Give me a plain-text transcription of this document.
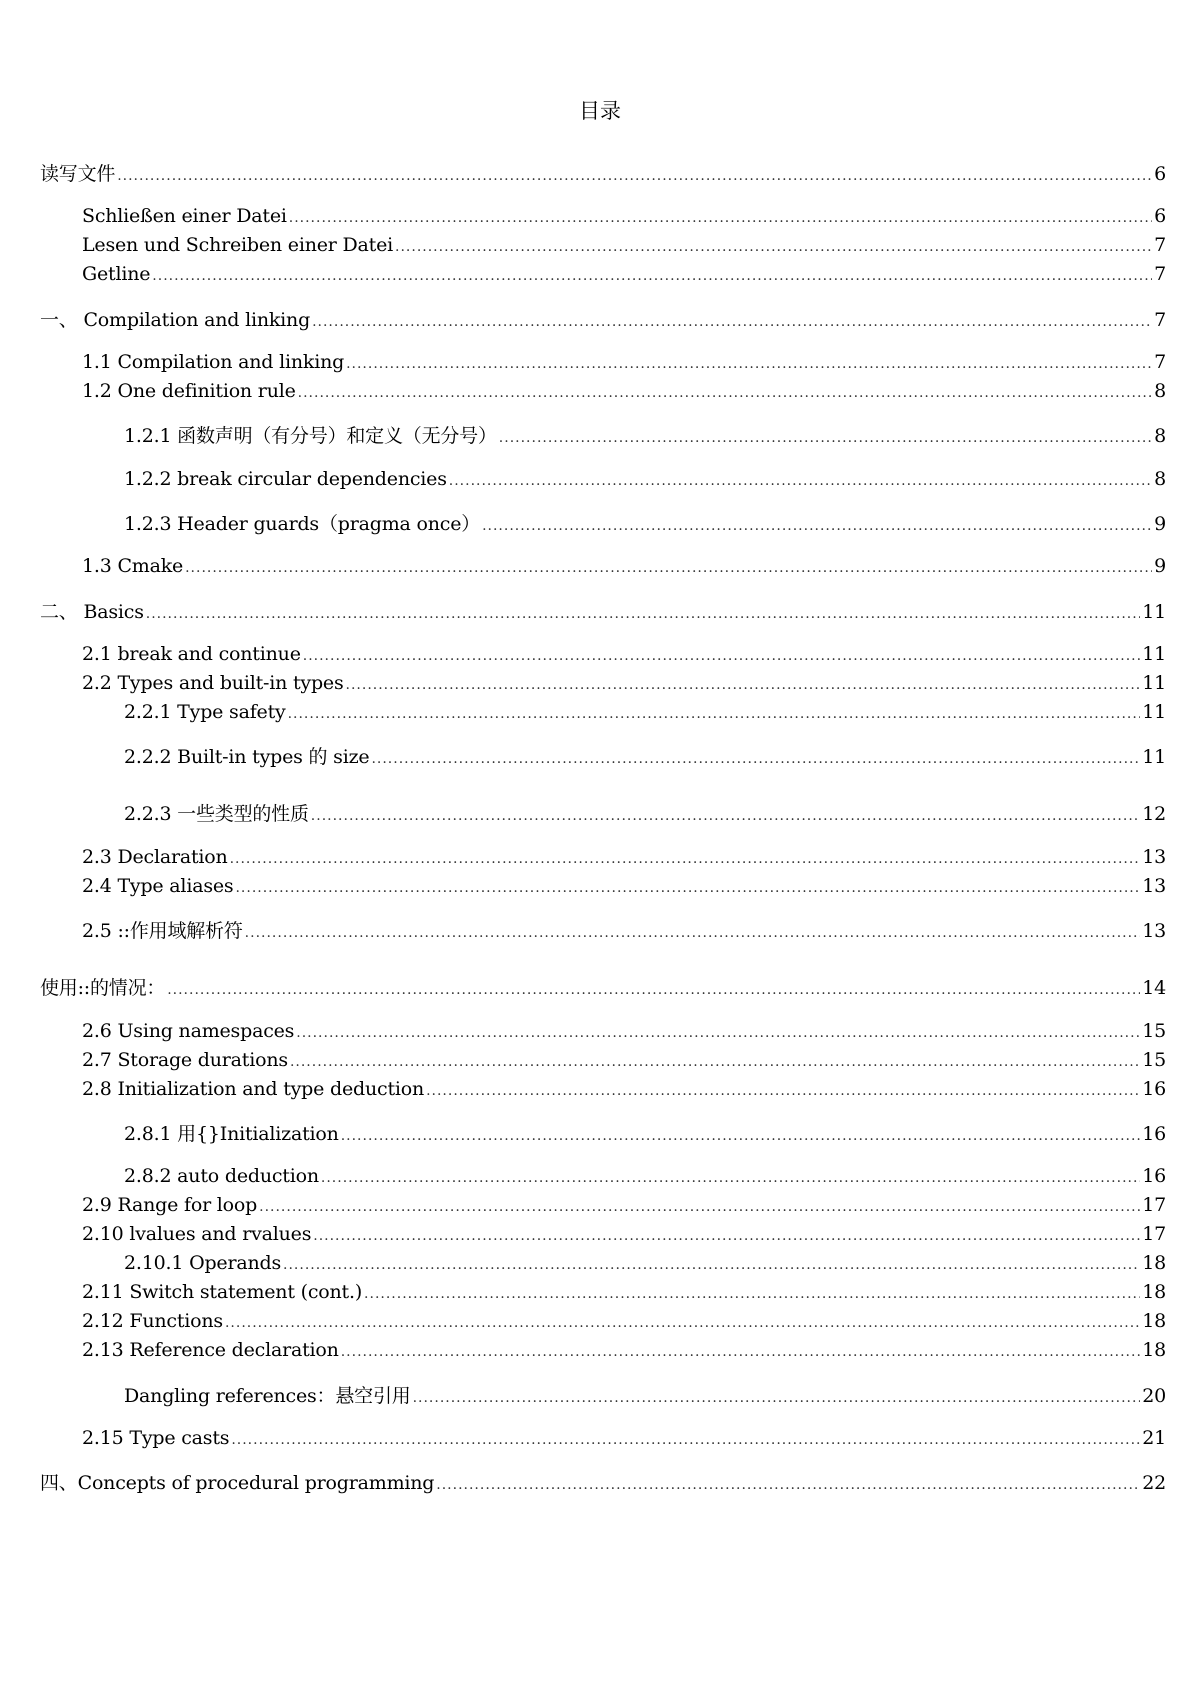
目录
读写文件 .....	6
Schließen einer Datei .....	6
Lesen und Schreiben einer Datei .....	7
Getline .....	7
一、 Compilation and linking .....	7
1.1 Compilation and linking .....	7
1.2 One definition rule .....	8
1.2.1 函数声明（有分号）和定义（无分号） .....	8
1.2.2 break circular dependencies .....	8
1.2.3 Header guards（pragma once） .....	9
1.3 Cmake .....	9
二、 Basics .....	11
2.1 break and continue .....	11
2.2 Types and built-in types .....	11
2.2.1 Type safety .....	11
2.2.2 Built-in types 的 size .....	11
2.2.3 一些类型的性质 .....	12
2.3 Declaration .....	13
2.4 Type aliases .....	13
2.5 ::作用域解析符 .....	13
使用::的情况： .....	14
2.6 Using namespaces .....	15
2.7 Storage durations .....	15
2.8 Initialization and type deduction .....	16
2.8.1 用{}Initialization .....	16
2.8.2 auto deduction .....	16
2.9 Range for loop .....	17
2.10 lvalues and rvalues .....	17
2.10.1 Operands .....	18
2.11 Switch statement (cont.) .....	18
2.12 Functions .....	18
2.13 Reference declaration .....	18
Dangling references：悬空引用 .....	20
2.15 Type casts .....	21
四、Concepts of procedural programming .....	22
